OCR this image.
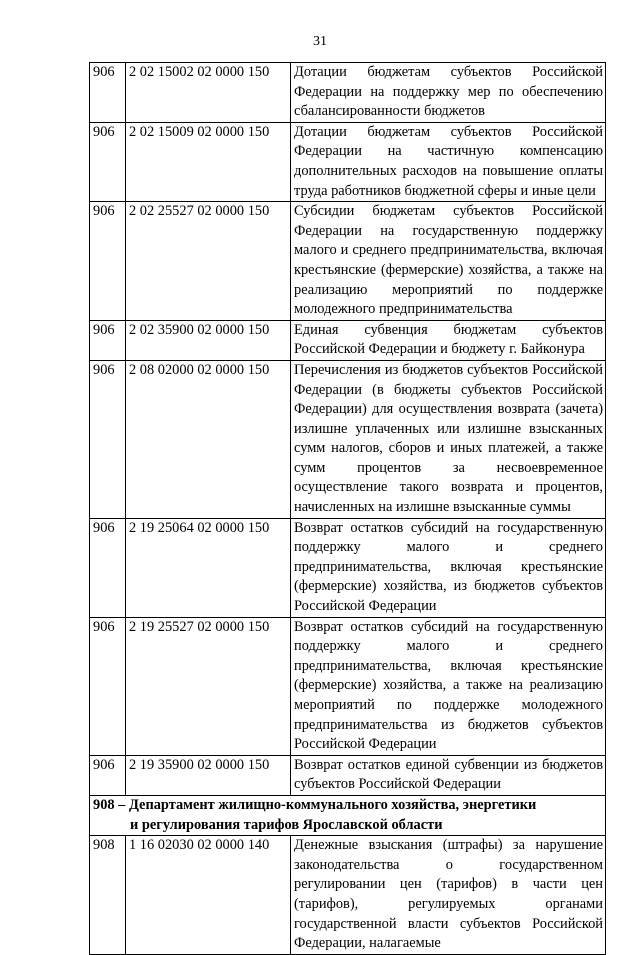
31
906	2 02 15002 02 0000 150	Дотации бюджетам субъектов Российской Федерации на поддержку мер по обеспечению сбалансированности бюджетов
906	2 02 15009 02 0000 150	Дотации бюджетам субъектов Российской Федерации на частичную компенсацию дополнительных расходов на повышение оплаты труда работников бюджетной сферы и иные цели
906	2 02 25527 02 0000 150	Субсидии бюджетам субъектов Российской Федерации на государственную поддержку малого и среднего предпринимательства, включая крестьянские (фермерские) хозяйства, а также на реализацию мероприятий по поддержке молодежного предпринимательства
906	2 02 35900 02 0000 150	Единая субвенция бюджетам субъектов Российской Федерации и бюджету г. Байконура
906	2 08 02000 02 0000 150	Перечисления из бюджетов субъектов Российской Федерации (в бюджеты субъектов Российской Федерации) для осуществления возврата (зачета) излишне уплаченных или излишне взысканных сумм налогов, сборов и иных платежей, а также сумм процентов за несвоевременное осуществление такого возврата и процентов, начисленных на излишне взысканные суммы
906	2 19 25064 02 0000 150	Возврат остатков субсидий на государственную поддержку малого и среднего предпринимательства, включая крестьянские (фермерские) хозяйства, из бюджетов субъектов Российской Федерации
906	2 19 25527 02 0000 150	Возврат остатков субсидий на государственную поддержку малого и среднего предпринимательства, включая крестьянские (фермерские) хозяйства, а также на реализацию мероприятий по поддержке молодежного предпринимательства из бюджетов субъектов Российской Федерации
906	2 19 35900 02 0000 150	Возврат остатков единой субвенции из бюджетов субъектов Российской Федерации

908 – Департамент жилищно-коммунального хозяйства, энергетики
и регулирования тарифов Ярославской области		

908	1 16 02030 02 0000 140	Денежные взыскания (штрафы) за нарушение законодательства о государственном регулировании цен (тарифов) в части цен (тарифов), регулируемых органами государственной власти субъектов Российской Федерации, налагаемые
